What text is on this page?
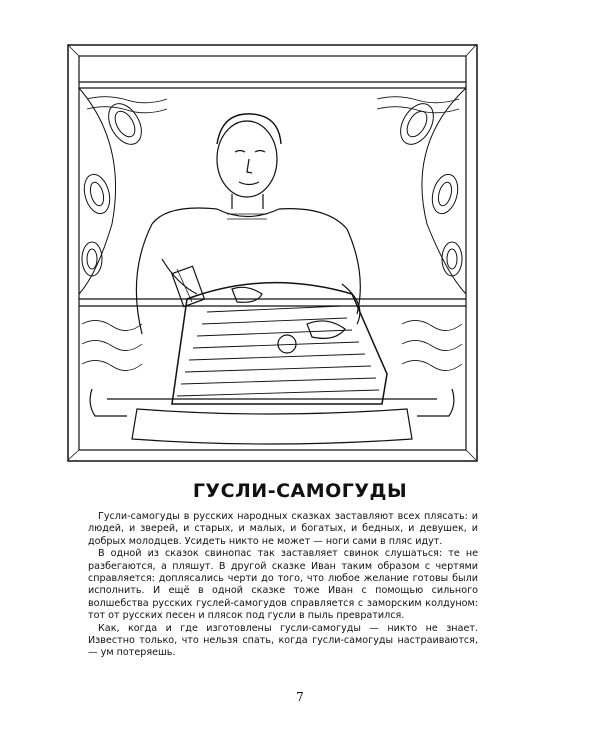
ГУСЛИ-САМОГУДЫ

Гусли-самогуды в русских народных сказках заставляют всех плясать: и людей, и зверей, и старых, и малых, и богатых, и бедных, и девушек, и добрых молодцев. Усидеть никто не может — ноги сами в пляс идут.

В одной из сказок свинопас так заставляет свинок слушаться: те не разбегаются, а пляшут. В другой сказке Иван таким образом с чертями справляется: доплясались черти до того, что любое желание готовы были исполнить. И ещё в одной сказке тоже Иван с помощью сильного волшебства русских гуслей-самогудов справляется с заморским колдуном: тот от русских песен и плясок под гусли в пыль превратился.

Как, когда и где изготовлены гусли-самогуды — никто не знает. Известно только, что нельзя спать, когда гусли-самогуды настраиваются, — ум потеряешь.

7
